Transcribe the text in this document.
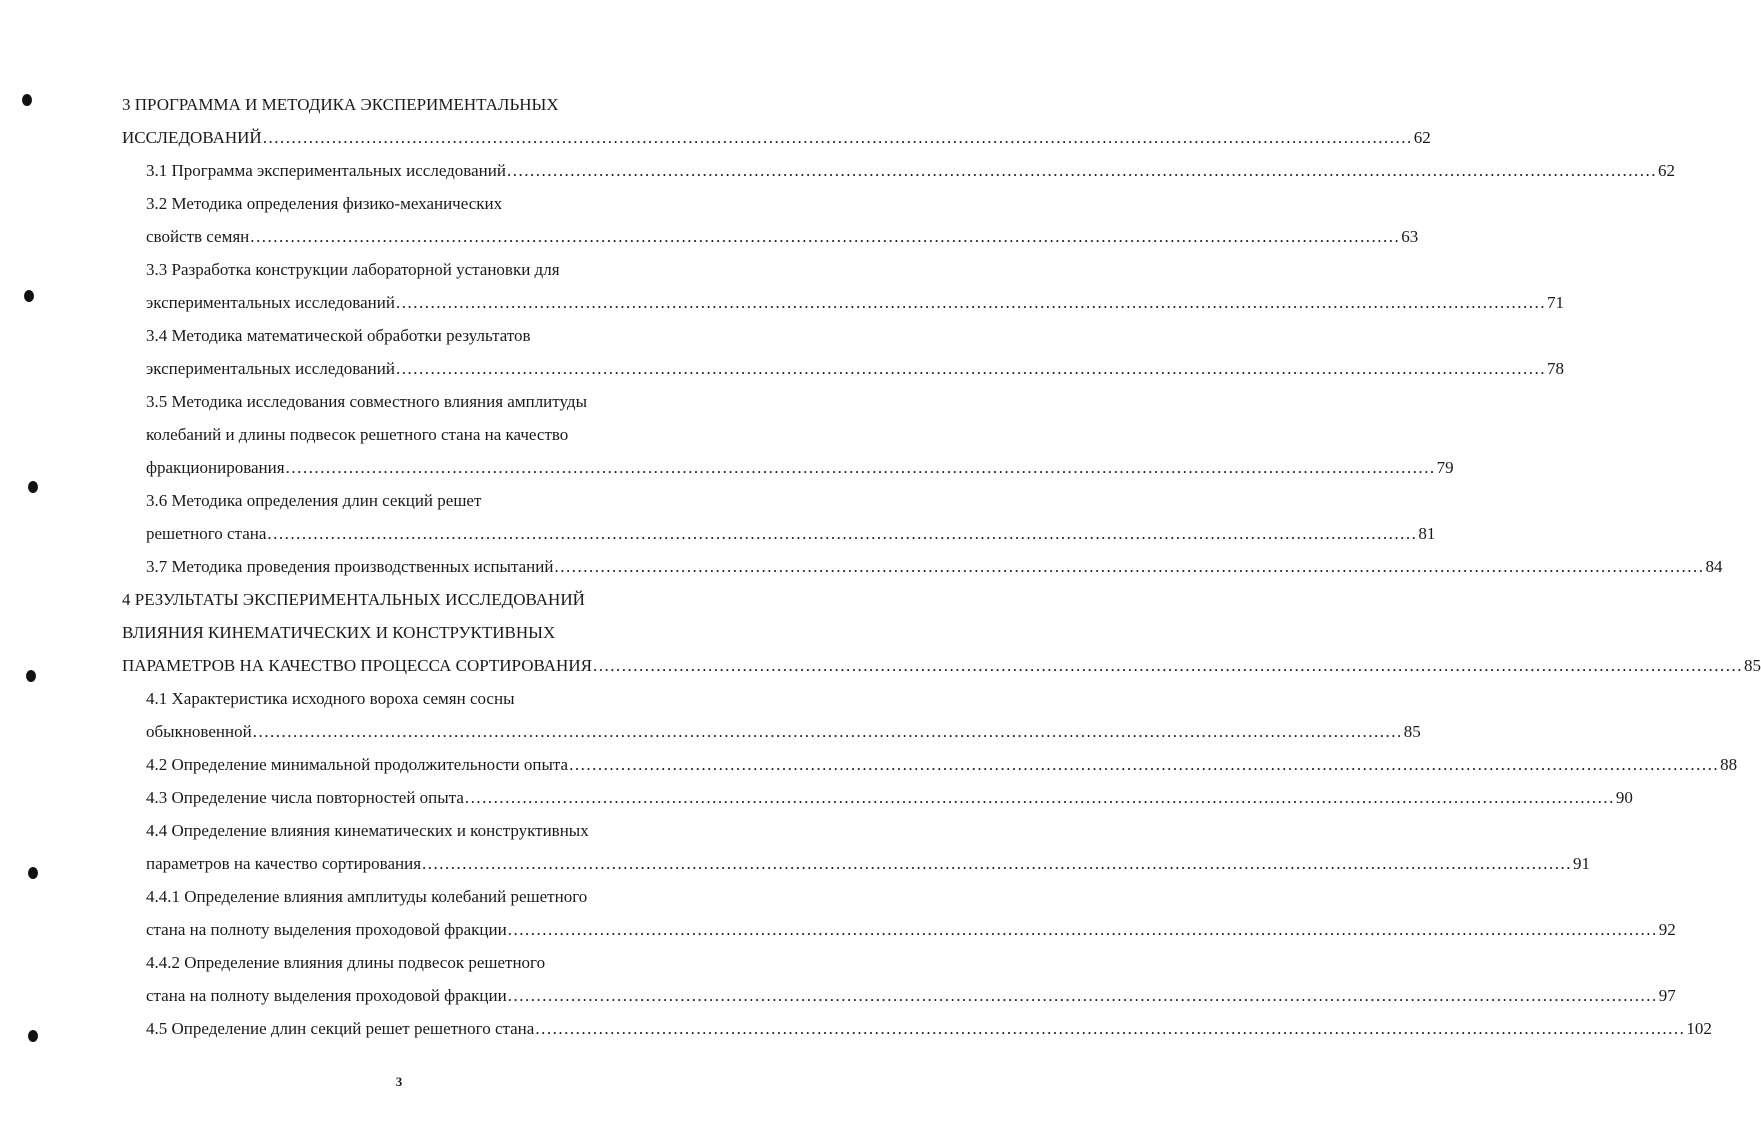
3 ПРОГРАММА И МЕТОДИКА ЭКСПЕРИМЕНТАЛЬНЫХ
ИССЛЕДОВАНИЙ ........................................................................................................................................................................................................ 62
3.1 Программа экспериментальных исследований ........................................................................................................................................................................................................ 62
3.2 Методика определения физико-механических
свойств семян ........................................................................................................................................................................................................ 63
3.3 Разработка конструкции лабораторной установки для
экспериментальных исследований ........................................................................................................................................................................................................ 71
3.4 Методика математической обработки результатов
экспериментальных исследований ........................................................................................................................................................................................................ 78
3.5 Методика исследования совместного влияния амплитуды
колебаний и длины подвесок решетного стана на качество
фракционирования ........................................................................................................................................................................................................ 79
3.6 Методика определения длин секций решет
решетного стана ........................................................................................................................................................................................................ 81
3.7 Методика проведения производственных испытаний ........................................................................................................................................................................................................ 84
4 РЕЗУЛЬТАТЫ ЭКСПЕРИМЕНТАЛЬНЫХ ИССЛЕДОВАНИЙ
ВЛИЯНИЯ КИНЕМАТИЧЕСКИХ И КОНСТРУКТИВНЫХ
ПАРАМЕТРОВ НА КАЧЕСТВО ПРОЦЕССА СОРТИРОВАНИЯ ........................................................................................................................................................................................................ 85
4.1 Характеристика исходного вороха семян сосны
обыкновенной ........................................................................................................................................................................................................ 85
4.2 Определение минимальной продолжительности опыта ........................................................................................................................................................................................................ 88
4.3 Определение числа повторностей опыта ........................................................................................................................................................................................................ 90
4.4 Определение влияния кинематических и конструктивных
параметров на качество сортирования ........................................................................................................................................................................................................ 91
4.4.1 Определение влияния амплитуды колебаний решетного
стана на полноту выделения проходовой фракции ........................................................................................................................................................................................................ 92
4.4.2 Определение влияния длины подвесок решетного
стана на полноту выделения проходовой фракции ........................................................................................................................................................................................................ 97
4.5 Определение длин секций решет решетного стана ........................................................................................................................................................................................................ 102
3
